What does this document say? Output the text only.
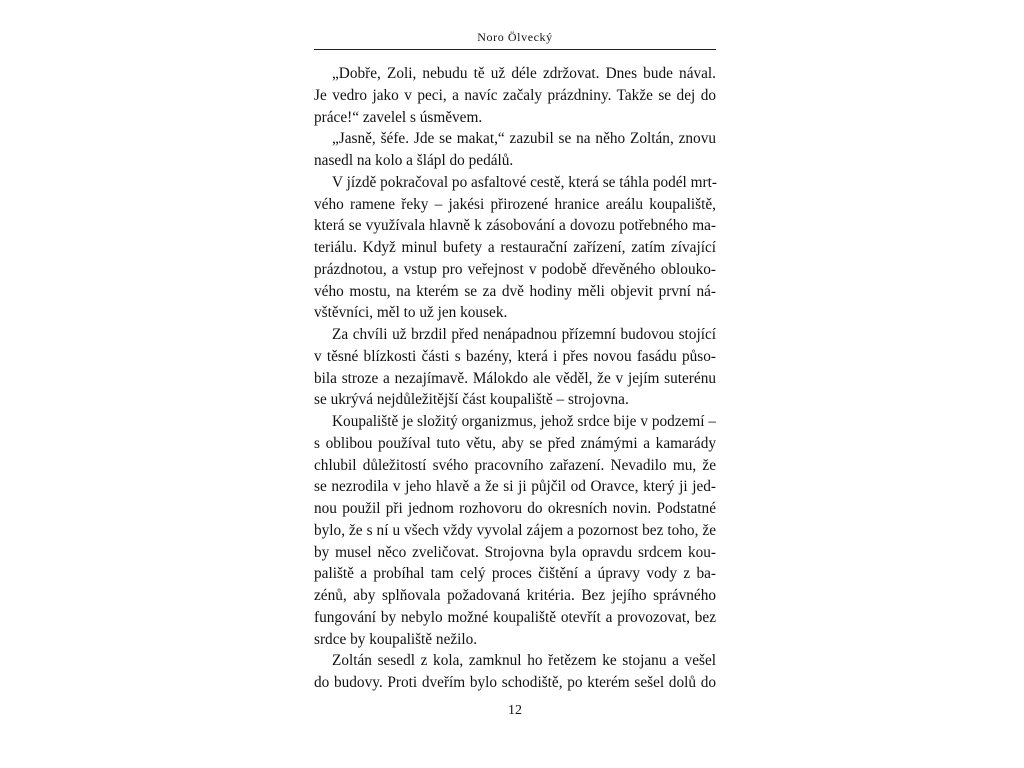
Noro Ölvecký
„Dobře, Zoli, nebudu tě už déle zdržovat. Dnes bude nával.
Je vedro jako v peci, a navíc začaly prázdniny. Takže se dej do
práce!“ zavelel s úsměvem.
„Jasně, šéfe. Jde se makat,“ zazubil se na něho Zoltán, znovu
nasedl na kolo a šlápl do pedálů.
V jízdě pokračoval po asfaltové cestě, která se táhla podél mrt-
vého ramene řeky – jakési přirozené hranice areálu koupaliště,
která se využívala hlavně k zásobování a dovozu potřebného ma-
teriálu. Když minul bufety a restaurační zařízení, zatím zívající
prázdnotou, a vstup pro veřejnost v podobě dřevěného oblouko-
vého mostu, na kterém se za dvě hodiny měli objevit první ná-
vštěvníci, měl to už jen kousek.
Za chvíli už brzdil před nenápadnou přízemní budovou stojící
v těsné blízkosti části s bazény, která i přes novou fasádu půso-
bila stroze a nezajímavě. Málokdo ale věděl, že v jejím suterénu
se ukrývá nejdůležitější část koupaliště – strojovna.
Koupaliště je složitý organizmus, jehož srdce bije v podzemí –
s oblibou používal tuto větu, aby se před známými a kamarády
chlubil důležitostí svého pracovního zařazení. Nevadilo mu, že
se nezrodila v jeho hlavě a že si ji půjčil od Oravce, který ji jed-
nou použil při jednom rozhovoru do okresních novin. Podstatné
bylo, že s ní u všech vždy vyvolal zájem a pozornost bez toho, že
by musel něco zveličovat. Strojovna byla opravdu srdcem kou-
paliště a probíhal tam celý proces čištění a úpravy vody z ba-
zénů, aby splňovala požadovaná kritéria. Bez jejího správného
fungování by nebylo možné koupaliště otevřít a provozovat, bez
srdce by koupaliště nežilo.
Zoltán sesedl z kola, zamknul ho řetězem ke stojanu a vešel
do budovy. Proti dveřím bylo schodiště, po kterém sešel dolů do
12
